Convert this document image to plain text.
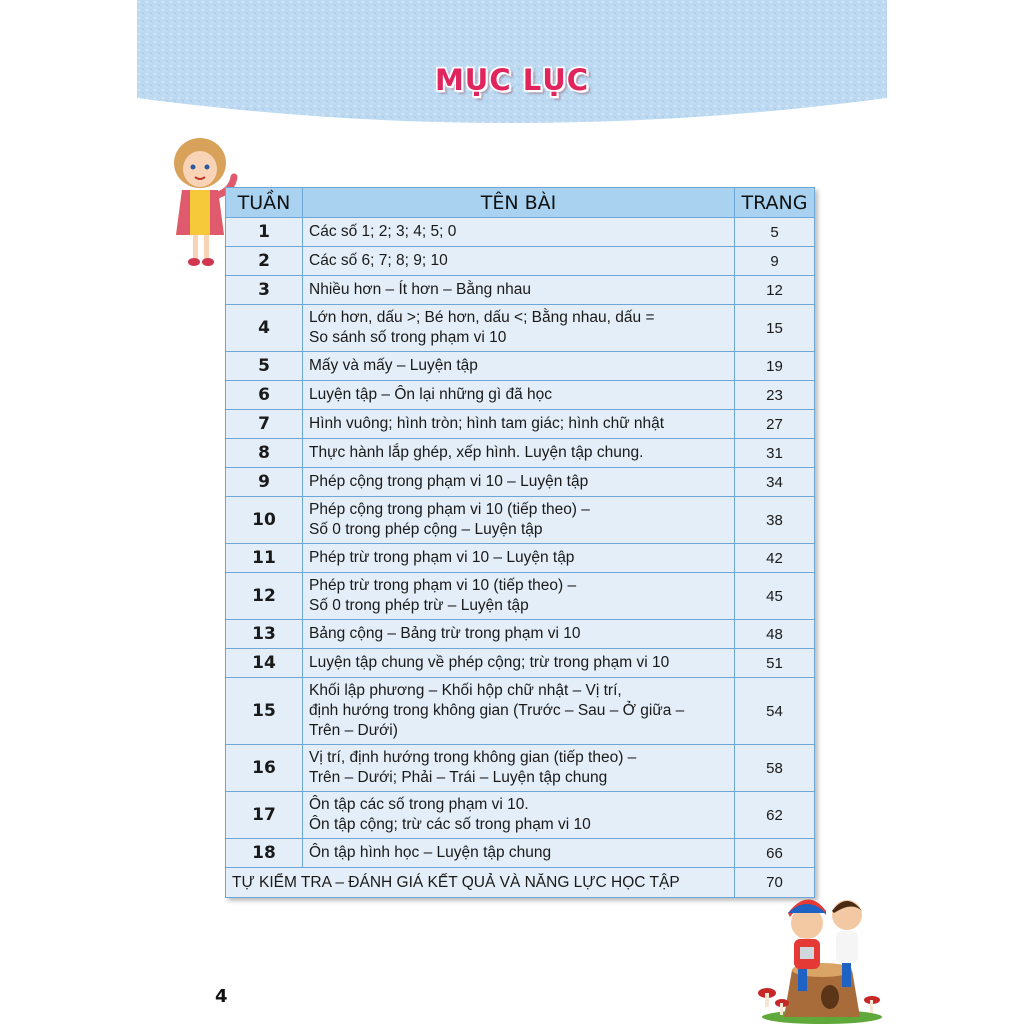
MỤC LỤC
TUẦN	TÊN BÀI	TRANG
1	Các số 1; 2; 3; 4; 5; 0	5
2	Các số 6; 7; 8; 9; 10	9
3	Nhiều hơn – Ít hơn – Bằng nhau	12
4	Lớn hơn, dấu >; Bé hơn, dấu <; Bằng nhau, dấu =
So sánh số trong phạm vi 10	15
5	Mấy và mấy – Luyện tập	19
6	Luyện tập – Ôn lại những gì đã học	23
7	Hình vuông; hình tròn; hình tam giác; hình chữ nhật	27
8	Thực hành lắp ghép, xếp hình. Luyện tập chung.	31
9	Phép cộng trong phạm vi 10 – Luyện tập	34
10	Phép cộng trong phạm vi 10 (tiếp theo) –
Số 0 trong phép cộng – Luyện tập	38
11	Phép trừ trong phạm vi 10 – Luyện tập	42
12	Phép trừ trong phạm vi 10 (tiếp theo) –
Số 0 trong phép trừ – Luyện tập	45
13	Bảng cộng – Bảng trừ trong phạm vi 10	48
14	Luyện tập chung về phép cộng; trừ trong phạm vi 10	51
15	Khối lập phương – Khối hộp chữ nhật – Vị trí,
định hướng trong không gian (Trước – Sau – Ở giữa –
Trên – Dưới)	54
16	Vị trí, định hướng trong không gian (tiếp theo) –
Trên – Dưới; Phải – Trái – Luyện tập chung	58
17	Ôn tập các số trong phạm vi 10.
Ôn tập cộng; trừ các số trong phạm vi 10	62
18	Ôn tập hình học – Luyện tập chung	66
TỰ KIỂM TRA – ĐÁNH GIÁ KẾT QUẢ VÀ NĂNG LỰC HỌC TẬP		70
4
